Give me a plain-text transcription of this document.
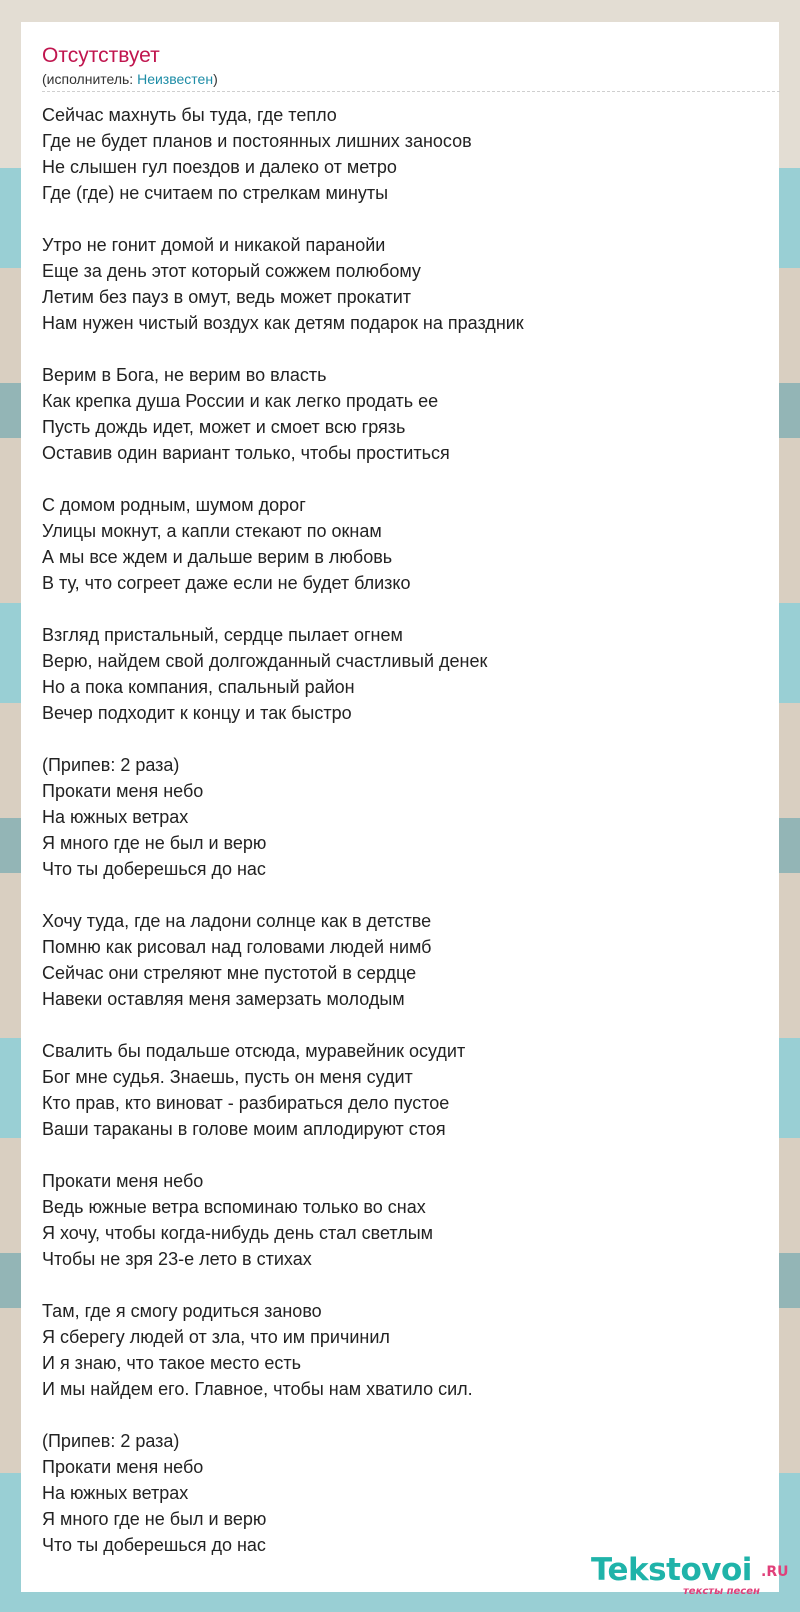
Отсутствует
(исполнитель: Неизвестен)
Сейчас махнуть бы туда, где тепло
Где не будет планов и постоянных лишних заносов
Не слышен гул поездов и далеко от метро
Где (где) не считаем по стрелкам минуты
Утро не гонит домой и никакой паранойи
Еще за день этот который сожжем полюбому
Летим без пауз в омут, ведь может прокатит
Нам нужен чистый воздух как детям подарок на праздник
Верим в Бога, не верим во власть
Как крепка душа России и как легко продать ее
Пусть дождь идет, может и смоет всю грязь
Оставив один вариант только, чтобы проститься
С домом родным, шумом дорог
Улицы мокнут, а капли стекают по окнам
А мы все ждем и дальше верим в любовь
В ту, что согреет даже если не будет близко
Взгляд пристальный, сердце пылает огнем
Верю, найдем свой долгожданный счастливый денек
Но а пока компания, спальный район
Вечер подходит к концу и так быстро
(Припев: 2 раза)
Прокати меня небо
На южных ветрах
Я много где не был и верю
Что ты доберешься до нас
Хочу туда, где на ладони солнце как в детстве
Помню как рисовал над головами людей нимб
Сейчас они стреляют мне пустотой в сердце
Навеки оставляя меня замерзать молодым
Свалить бы подальше отсюда, муравейник осудит
Бог мне судья. Знаешь, пусть он меня судит
Кто прав, кто виноват - разбираться дело пустое
Ваши тараканы в голове моим аплодируют стоя
Прокати меня небо
Ведь южные ветра вспоминаю только во снах
Я хочу, чтобы когда-нибудь день стал светлым
Чтобы не зря 23-е лето в стихах
Там, где я смогу родиться заново
Я сберегу людей от зла, что им причинил
И я знаю, что такое место есть
И мы найдем его. Главное, чтобы нам хватило сил.
(Припев: 2 раза)
Прокати меня небо
На южных ветрах
Я много где не был и верю
Что ты доберешься до нас
Tekstovoi .RU
тексты песен
